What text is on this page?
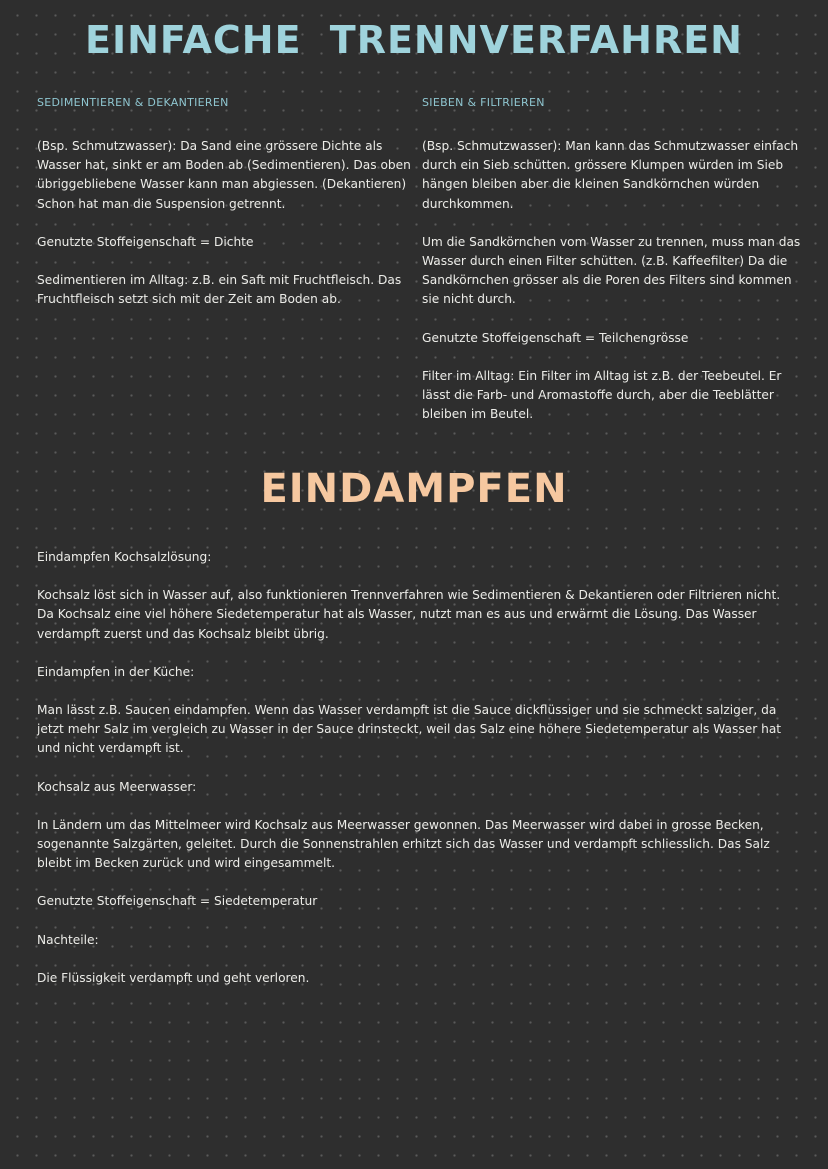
EINFACHE TRENNVERFAHREN
SEDIMENTIEREN & DEKANTIEREN

(Bsp. Schmutzwasser): Da Sand eine grössere Dichte als Wasser hat, sinkt er am Boden ab (Sedimentieren). Das oben übriggebliebene Wasser kann man abgiessen. (Dekantieren) Schon hat man die Suspension getrennt.

Genutzte Stoffeigenschaft = Dichte

Sedimentieren im Alltag: z.B. ein Saft mit Fruchtfleisch. Das Fruchtfleisch setzt sich mit der Zeit am Boden ab.

SIEBEN & FILTRIEREN

(Bsp. Schmutzwasser): Man kann das Schmutzwasser einfach durch ein Sieb schütten. grössere Klumpen würden im Sieb hängen bleiben aber die kleinen Sandkörnchen würden durchkommen.

Um die Sandkörnchen vom Wasser zu trennen, muss man das Wasser durch einen Filter schütten. (z.B. Kaffeefilter) Da die Sandkörnchen grösser als die Poren des Filters sind kommen sie nicht durch.

Genutzte Stoffeigenschaft = Teilchengrösse

Filter im Alltag: Ein Filter im Alltag ist z.B. der Teebeutel. Er lässt die Farb- und Aromastoffe durch, aber die Teeblätter bleiben im Beutel.

EINDAMPFEN

Eindampfen Kochsalzlösung:

Kochsalz löst sich in Wasser auf, also funktionieren Trennverfahren wie Sedimentieren & Dekantieren oder Filtrieren nicht. Da Kochsalz eine viel höhere Siedetemperatur hat als Wasser, nutzt man es aus und erwärmt die Lösung. Das Wasser verdampft zuerst und das Kochsalz bleibt übrig.

Eindampfen in der Küche:

Man lässt z.B. Saucen eindampfen. Wenn das Wasser verdampft ist die Sauce dickflüssiger und sie schmeckt salziger, da jetzt mehr Salz im vergleich zu Wasser in der Sauce drinsteckt, weil das Salz eine höhere Siedetemperatur als Wasser hat und nicht verdampft ist.

Kochsalz aus Meerwasser:

In Ländern um das Mittelmeer wird Kochsalz aus Meerwasser gewonnen. Das Meerwasser wird dabei in grosse Becken, sogenannte Salzgärten, geleitet. Durch die Sonnenstrahlen erhitzt sich das Wasser und verdampft schliesslich. Das Salz bleibt im Becken zurück und wird eingesammelt.

Genutzte Stoffeigenschaft = Siedetemperatur

Nachteile:

Die Flüssigkeit verdampft und geht verloren.
